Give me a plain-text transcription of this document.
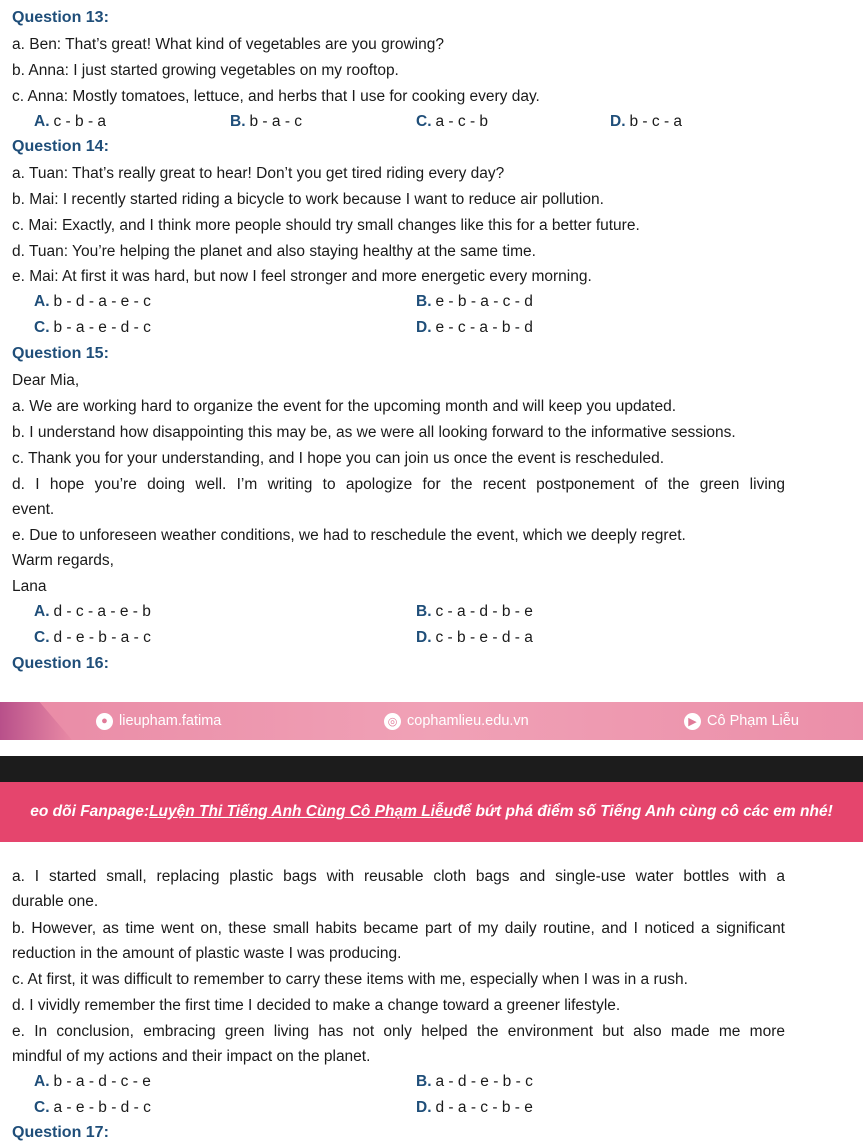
Question 13:
a. Ben: That’s great! What kind of vegetables are you growing?
b. Anna: I just started growing vegetables on my rooftop.
c. Anna: Mostly tomatoes, lettuce, and herbs that I use for cooking every day.
A. c - b - a	B. b - a - c	C. a - c - b	D. b - c - a
Question 14:
a. Tuan: That’s really great to hear! Don’t you get tired riding every day?
b. Mai: I recently started riding a bicycle to work because I want to reduce air pollution.
c. Mai: Exactly, and I think more people should try small changes like this for a better future.
d. Tuan: You’re helping the planet and also staying healthy at the same time.
e. Mai: At first it was hard, but now I feel stronger and more energetic every morning.
A. b - d - a - e - c	B. e - b - a - c - d
C. b - a - e - d - c	D. e - c - a - b - d
Question 15:
Dear Mia,
a. We are working hard to organize the event for the upcoming month and will keep you updated.
b. I understand how disappointing this may be, as we were all looking forward to the informative sessions.
c. Thank you for your understanding, and I hope you can join us once the event is rescheduled.
d. I hope you’re doing well. I’m writing to apologize for the recent postponement of the green living
event.
e. Due to unforeseen weather conditions, we had to reschedule the event, which we deeply regret.
Warm regards,
Lana
A. d - c - a - e - b	B. c - a - d - b - e
C. d - e - b - a - c	D. c - b - e - d - a
Question 16:
● lieupham.fatima	◎ cophamlieu.edu.vn	▶ Cô Phạm Liễu
eo dõi Fanpage: Luyện Thi Tiếng Anh Cùng Cô Phạm Liễu để bứt phá điểm số Tiếng Anh cùng cô các em nhé!
a. I started small, replacing plastic bags with reusable cloth bags and single-use water bottles with a
durable one.
b. However, as time went on, these small habits became part of my daily routine, and I noticed a significant
reduction in the amount of plastic waste I was producing.
c. At first, it was difficult to remember to carry these items with me, especially when I was in a rush.
d. I vividly remember the first time I decided to make a change toward a greener lifestyle.
e. In conclusion, embracing green living has not only helped the environment but also made me more
mindful of my actions and their impact on the planet.
A. b - a - d - c - e	B. a - d - e - b - c
C. a - e - b - d - c	D. d - a - c - b - e
Question 17:
